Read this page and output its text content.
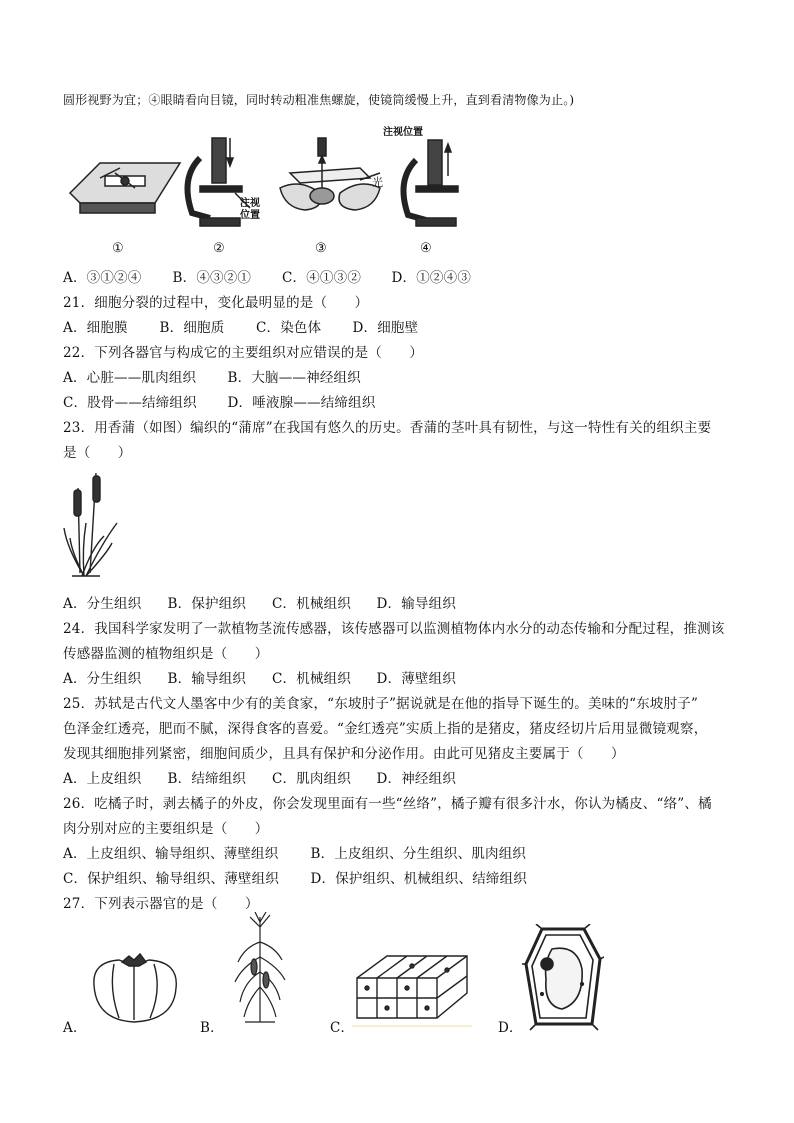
圆形视野为宜；④眼睛看向目镜，同时转动粗准焦螺旋，使镜筒缓慢上升，直到看清物像为止。)
注视
位置
注视位置
光
①	②	③	④
A．③①②④ B．④③②① C．④①③② D．①②④③
21．细胞分裂的过程中，变化最明显的是（　　）
A．细胞膜 B．细胞质 C．染色体 D．细胞壁
22．下列各器官与构成它的主要组织对应错误的是（　　）
A．心脏——肌肉组织 B．大脑——神经组织
C．股骨——结缔组织 D．唾液腺——结缔组织
23．用香蒲（如图）编织的“蒲席”在我国有悠久的历史。香蒲的茎叶具有韧性，与这一特性有关的组织主要
是（　　）
A．分生组织 B．保护组织 C．机械组织 D．输导组织
24．我国科学家发明了一款植物茎流传感器，该传感器可以监测植物体内水分的动态传输和分配过程，推测该
传感器监测的植物组织是（　　）
A．分生组织 B．输导组织 C．机械组织 D．薄壁组织
25．苏轼是古代文人墨客中少有的美食家，“东坡肘子”据说就是在他的指导下诞生的。美味的“东坡肘子”
色泽金红透亮，肥而不腻，深得食客的喜爱。“金红透亮”实质上指的是猪皮，猪皮经切片后用显微镜观察，
发现其细胞排列紧密，细胞间质少，且具有保护和分泌作用。由此可见猪皮主要属于（　　）
A．上皮组织 B．结缔组织 C．肌肉组织 D．神经组织
26．吃橘子时，剥去橘子的外皮，你会发现里面有一些“丝络”，橘子瓣有很多汁水，你认为橘皮、“络”、橘
肉分别对应的主要组织是（　　）
A．上皮组织、输导组织、薄壁组织 B．上皮组织、分生组织、肌肉组织
C．保护组织、输导组织、薄壁组织 D．保护组织、机械组织、结缔组织
27．下列表示器官的是（　　）
A．	B．	C．	D．
